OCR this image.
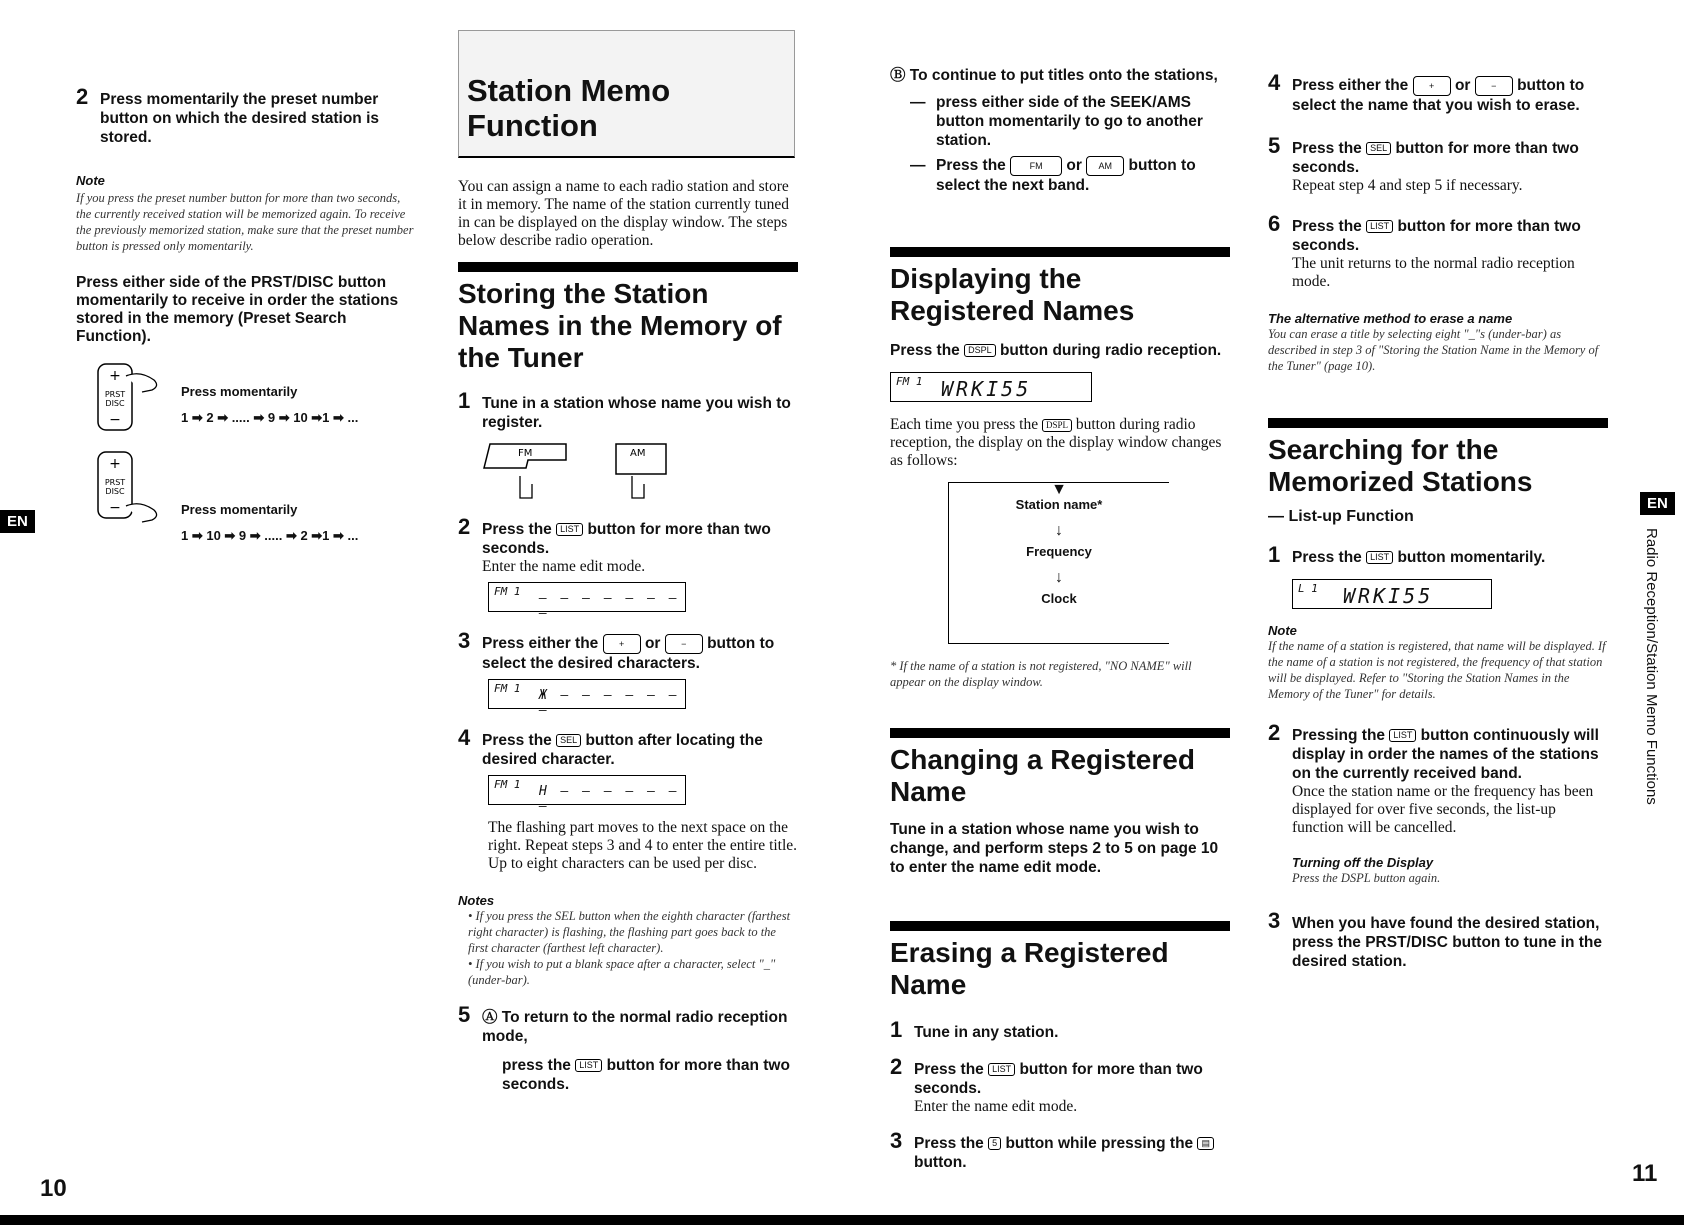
EN
10
2 Press momentarily the preset number button on which the desired station is stored.
Note
If you press the preset number button for more than two seconds, the currently received station will be memorized again. To receive the previously memorized station, make sure that the preset number button is pressed only momentarily.
Press either side of the PRST/DISC button momentarily to receive in order the stations stored in the memory (Preset Search Function).
+
PRST
DISC
−
Press momentarily
1 ➡ 2 ➡ ..... ➡ 9 ➡ 10 ➡1 ➡ ...
+
PRST
DISC
−	Press momentarily
1 ➡ 10 ➡ 9 ➡ ..... ➡ 2 ➡1 ➡ ...
Station Memo Function
You can assign a name to each radio station and store it in memory. The name of the station currently tuned in can be displayed on the display window. The steps below describe radio operation.
Storing the Station Names in the Memory of the Tuner
1 Tune in a station whose name you wish to register.
FM	AM
2 Press the LIST button for more than two seconds.
Enter the name edit mode.
FM 1 – – – – – – – –
3 Press either the + or − button to select the desired characters.
FM 1 Ж – – – – – – –
4 Press the SEL button after locating the desired character.
FM 1 H – – – – – – –
The flashing part moves to the next space on the right. Repeat steps 3 and 4 to enter the entire title. Up to eight characters can be used per disc.
Notes
• If you press the SEL button when the eighth character (farthest right character) is flashing, the flashing part goes back to the first character (farthest left character).
• If you wish to put a blank space after a character, select "_" (under-bar).
5 Ⓐ To return to the normal radio reception mode,
press the LIST button for more than two seconds.
11
EN
Radio Reception/Station Memo Functions
Ⓑ To continue to put titles onto the stations,
— press either side of the SEEK/AMS button momentarily to go to another station.
— Press the	FM or AM button to select the next band.
Displaying the Registered Names
Press the DSPL button during radio reception.
FM 1 WRKI55
Each time you press the DSPL button during radio reception, the display on the display window changes as follows:
▼
Station name*
↓
Frequency
↓
Clock
* If the name of a station is not registered, "NO NAME" will appear on the display window.
Changing a Registered Name
Tune in a station whose name you wish to change, and perform steps 2 to 5 on page 10 to enter the name edit mode.
Erasing a Registered Name
1 Tune in any station.
2 Press the LIST button for more than two seconds.
Enter the name edit mode.
3 Press the 5 button while pressing the ▤ button.
4 Press either the + or − button to select the name that you wish to erase.
5 Press the SEL button for more than two seconds.
Repeat step 4 and step 5 if necessary.
6 Press the LIST button for more than two seconds.
The unit returns to the normal radio reception mode.
The alternative method to erase a name
You can erase a title by selecting eight "_"s (under-bar) as described in step 3 of "Storing the Station Name in the Memory of the Tuner" (page 10).
Searching for the Memorized Stations
— List-up Function
1 Press the LIST button momentarily.
L 1 WRKI55
Note
If the name of a station is registered, that name will be displayed. If the name of a station is not registered, the frequency of that station will be displayed. Refer to "Storing the Station Names in the Memory of the Tuner" for details.
2 Pressing the LIST button continuously will display in order the names of the stations on the currently received band.
Once the station name or the frequency has been displayed for over five seconds, the list-up function will be cancelled.
Turning off the Display
Press the DSPL button again.
3 When you have found the desired station, press the PRST/DISC button to tune in the desired station.
